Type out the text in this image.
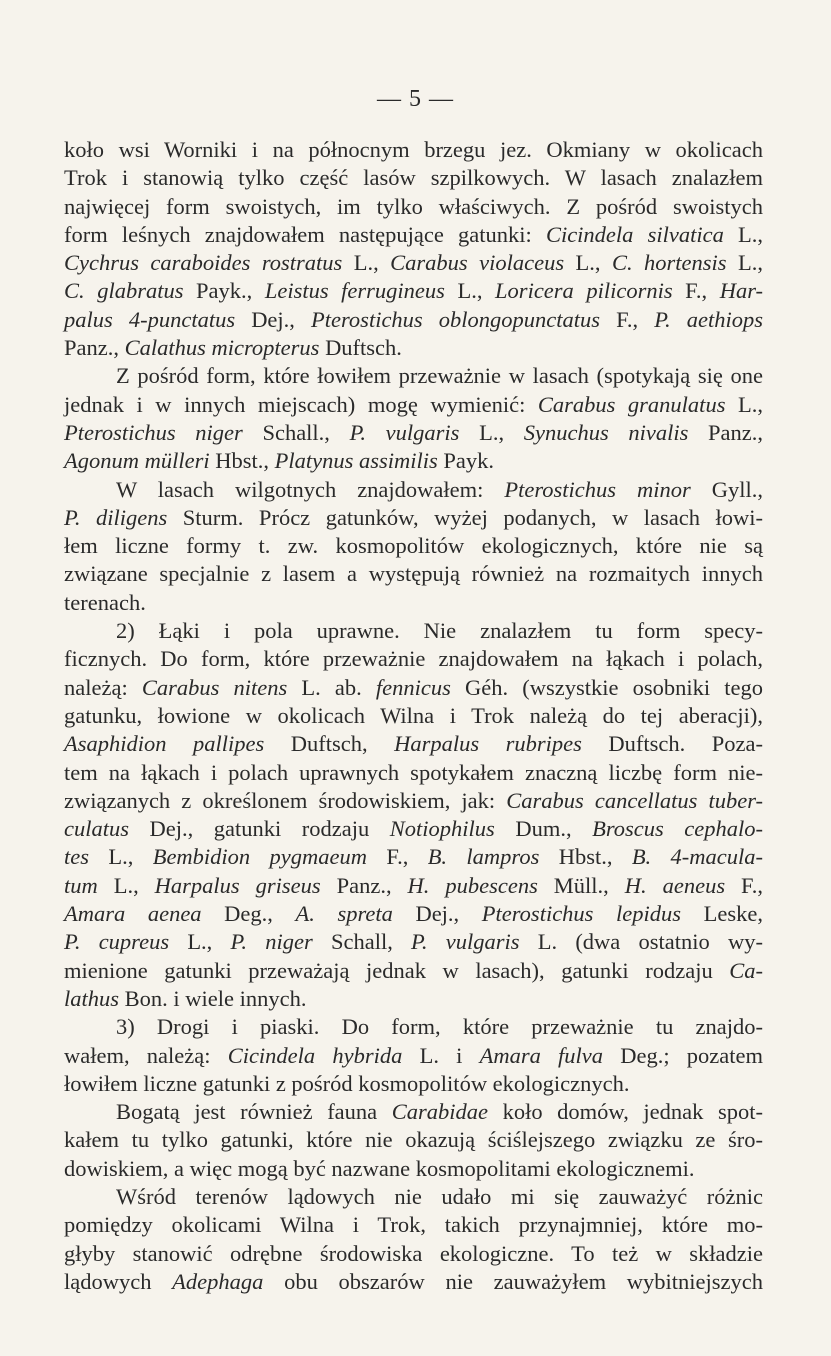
— 5 —
koło wsi Worniki i na północnym brzegu jez. Okmiany w okolicach
Trok i stanowią tylko część lasów szpilkowych. W lasach znalazłem
najwięcej form swoistych, im tylko właściwych. Z pośród swoistych
form leśnych znajdowałem następujące gatunki: Cicindela silvatica L.,
Cychrus caraboides rostratus L., Carabus violaceus L., C. hortensis L.,
C. glabratus Payk., Leistus ferrugineus L., Loricera pilicornis F., Har-
palus 4-punctatus Dej., Pterostichus oblongopunctatus F., P. aethiops
Panz., Calathus micropterus Duftsch.
Z pośród form, które łowiłem przeważnie w lasach (spotykają się one
jednak i w innych miejscach) mogę wymienić: Carabus granulatus L.,
Pterostichus niger Schall., P. vulgaris L., Synuchus nivalis Panz.,
Agonum mülleri Hbst., Platynus assimilis Payk.
W lasach wilgotnych znajdowałem: Pterostichus minor Gyll.,
P. diligens Sturm. Prócz gatunków, wyżej podanych, w lasach łowi-
łem liczne formy t. zw. kosmopolitów ekologicznych, które nie są
związane specjalnie z lasem a występują również na rozmaitych innych
terenach.
2) Łąki i pola uprawne. Nie znalazłem tu form specy-
ficznych. Do form, które przeważnie znajdowałem na łąkach i polach,
należą: Carabus nitens L. ab. fennicus Géh. (wszystkie osobniki tego
gatunku, łowione w okolicach Wilna i Trok należą do tej aberacji),
Asaphidion pallipes Duftsch, Harpalus rubripes Duftsch. Poza-
tem na łąkach i polach uprawnych spotykałem znaczną liczbę form nie-
związanych z określonem środowiskiem, jak: Carabus cancellatus tuber-
culatus Dej., gatunki rodzaju Notiophilus Dum., Broscus cephalo-
tes L., Bembidion pygmaeum F., B. lampros Hbst., B. 4-macula-
tum L., Harpalus griseus Panz., H. pubescens Müll., H. aeneus F.,
Amara aenea Deg., A. spreta Dej., Pterostichus lepidus Leske,
P. cupreus L., P. niger Schall, P. vulgaris L. (dwa ostatnio wy-
mienione gatunki przeważają jednak w lasach), gatunki rodzaju Ca-
lathus Bon. i wiele innych.
3) Drogi i piaski. Do form, które przeważnie tu znajdo-
wałem, należą: Cicindela hybrida L. i Amara fulva Deg.; pozatem
łowiłem liczne gatunki z pośród kosmopolitów ekologicznych.
Bogatą jest również fauna Carabidae koło domów, jednak spot-
kałem tu tylko gatunki, które nie okazują ściślejszego związku ze śro-
dowiskiem, a więc mogą być nazwane kosmopolitami ekologicznemi.
Wśród terenów lądowych nie udało mi się zauważyć różnic
pomiędzy okolicami Wilna i Trok, takich przynajmniej, które mo-
głyby stanowić odrębne środowiska ekologiczne. To też w składzie
lądowych Adephaga obu obszarów nie zauważyłem wybitniejszych
